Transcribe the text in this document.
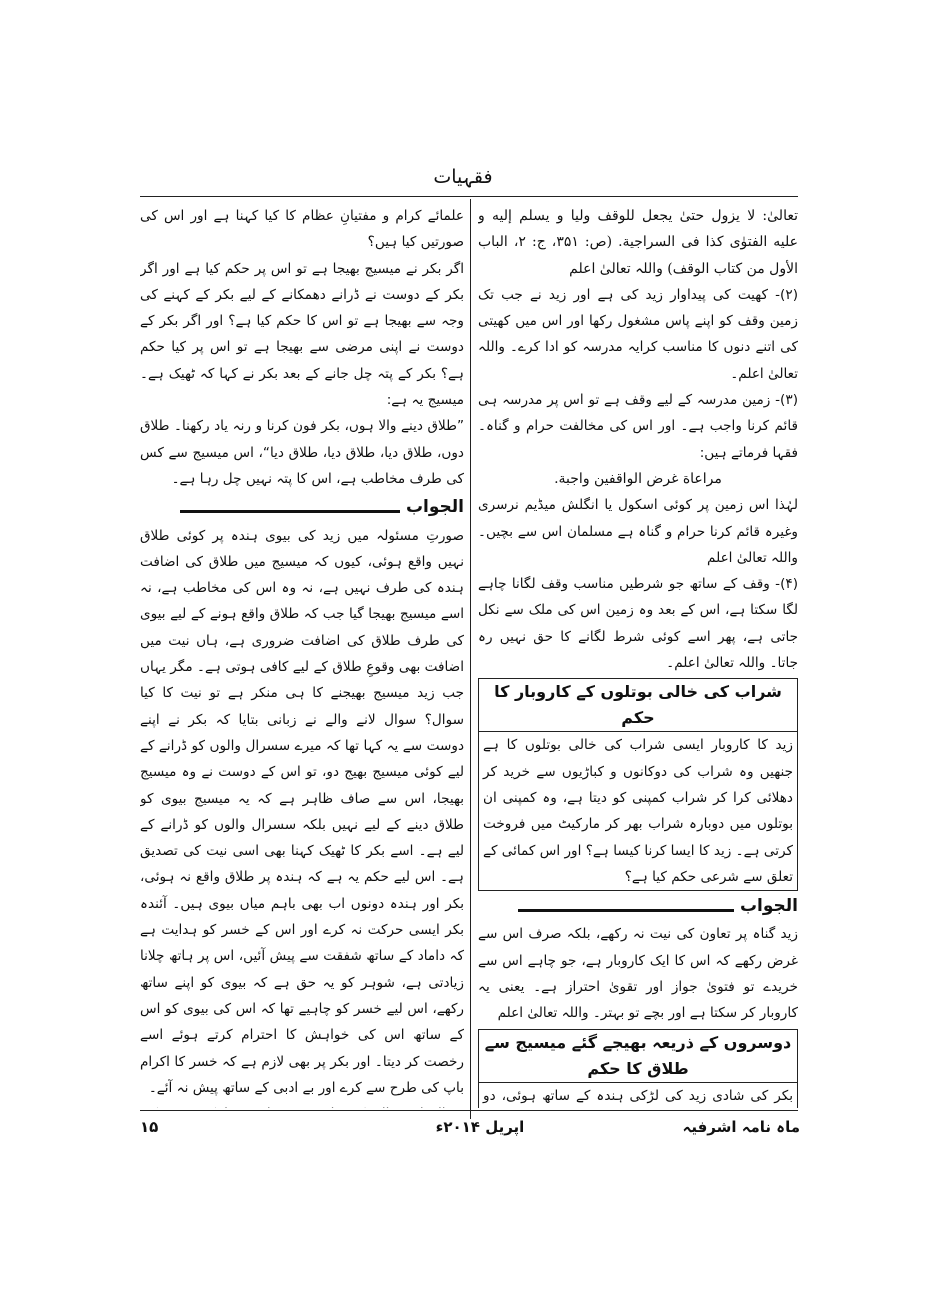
فقہیات

تعالیٰ: لا یزول حتیٰ یجعل للوقف ولیا و یسلم إلیه و علیه الفتوٰی کذا فی السراجیة. (ص: ۳۵۱، ج: ۲، الباب الأول من کتاب الوقف) واللہ تعالیٰ اعلم

(۲)- کھیت کی پیداوار زید کی ہے اور زید نے جب تک زمین وقف کو اپنے پاس مشغول رکھا اور اس میں کھیتی کی اتنے دنوں کا مناسب کرایہ مدرسہ کو ادا کرے۔ واللہ تعالیٰ اعلم۔

(۳)- زمین مدرسہ کے لیے وقف ہے تو اس پر مدرسہ ہی قائم کرنا واجب ہے۔ اور اس کی مخالفت حرام و گناہ۔ فقہا فرماتے ہیں:

مراعاة غرض الواقفین واجبة.

لہٰذا اس زمین پر کوئی اسکول یا انگلش میڈیم نرسری وغیرہ قائم کرنا حرام و گناہ ہے مسلمان اس سے بچیں۔ واللہ تعالیٰ اعلم

(۴)- وقف کے ساتھ جو شرطیں مناسب وقف لگانا چاہے لگا سکتا ہے، اس کے بعد وہ زمین اس کی ملک سے نکل جاتی ہے، پھر اسے کوئی شرط لگانے کا حق نہیں رہ جاتا۔ واللہ تعالیٰ اعلم۔

شراب کی خالی بوتلوں کے کاروبار کا حکم

زید کا کاروبار ایسی شراب کی خالی بوتلوں کا ہے جنھیں وہ شراب کی دوکانوں و کباڑیوں سے خرید کر دھلائی کرا کر شراب کمپنی کو دیتا ہے، وہ کمپنی ان بوتلوں میں دوبارہ شراب بھر کر مارکیٹ میں فروخت کرتی ہے۔ زید کا ایسا کرنا کیسا ہے؟ اور اس کمائی کے تعلق سے شرعی حکم کیا ہے؟

الجواب

زید گناہ پر تعاون کی نیت نہ رکھے، بلکہ صرف اس سے غرض رکھے کہ اس کا ایک کاروبار ہے، جو چاہے اس سے خریدے تو فتویٰ جواز اور تقویٰ احتراز ہے۔ یعنی یہ کاروبار کر سکتا ہے اور بچے تو بہتر۔ واللہ تعالیٰ اعلم

دوسروں کے ذریعہ بھیجے گئے میسیج سے طلاق کا حکم

بکر کی شادی زید کی لڑکی ہندہ کے ساتھ ہوئی، دو

علمائے کرام و مفتیانِ عظام کا کیا کہنا ہے اور اس کی صورتیں کیا ہیں؟

اگر بکر نے میسیج بھیجا ہے تو اس پر حکم کیا ہے اور اگر بکر کے دوست نے ڈرانے دھمکانے کے لیے بکر کے کہنے کی وجہ سے بھیجا ہے تو اس کا حکم کیا ہے؟ اور اگر بکر کے دوست نے اپنی مرضی سے بھیجا ہے تو اس پر کیا حکم ہے؟ بکر کے پتہ چل جانے کے بعد بکر نے کہا کہ ٹھیک ہے۔ میسیج یہ ہے:

”طلاق دینے والا ہوں، بکر فون کرنا و رنہ یاد رکھنا۔ طلاق دوں، طلاق دیا، طلاق دیا، طلاق دیا“، اس میسیج سے کس کی طرف مخاطب ہے، اس کا پتہ نہیں چل رہا ہے۔

الجواب

صورتِ مسئولہ میں زید کی بیوی ہندہ پر کوئی طلاق نہیں واقع ہوئی، کیوں کہ میسیج میں طلاق کی اضافت ہندہ کی طرف نہیں ہے، نہ وہ اس کی مخاطب ہے، نہ اسے میسیج بھیجا گیا جب کہ طلاق واقع ہونے کے لیے بیوی کی طرف طلاق کی اضافت ضروری ہے، ہاں نیت میں اضافت بھی وقوعِ طلاق کے لیے کافی ہوتی ہے۔ مگر یہاں جب زید میسیج بھیجنے کا ہی منکر ہے تو نیت کا کیا سوال؟ سوال لانے والے نے زبانی بتایا کہ بکر نے اپنے دوست سے یہ کہا تھا کہ میرے سسرال والوں کو ڈرانے کے لیے کوئی میسیج بھیج دو، تو اس کے دوست نے وہ میسیج بھیجا، اس سے صاف ظاہر ہے کہ یہ میسیج بیوی کو طلاق دینے کے لیے نہیں بلکہ سسرال والوں کو ڈرانے کے لیے ہے۔ اسے بکر کا ٹھیک کہنا بھی اسی نیت کی تصدیق ہے۔ اس لیے حکم یہ ہے کہ ہندہ پر طلاق واقع نہ ہوئی، بکر اور ہندہ دونوں اب بھی باہم میاں بیوی ہیں۔ آئندہ بکر ایسی حرکت نہ کرے اور اس کے خسر کو ہدایت ہے کہ داماد کے ساتھ شفقت سے پیش آئیں، اس پر ہاتھ چلانا زیادتی ہے، شوہر کو یہ حق ہے کہ بیوی کو اپنے ساتھ رکھے، اس لیے خسر کو چاہیے تھا کہ اس کی بیوی کو اس کے ساتھ اس کی خواہش کا احترام کرتے ہوئے اسے رخصت کر دیتا۔ اور بکر پر بھی لازم ہے کہ خسر کا اکرام باپ کی طرح سے کرے اور بے ادبی کے ساتھ پیش نہ آئے۔

ماہ نامہ اشرفیہ
اپریل ۲۰۱۴ء
۱۵
